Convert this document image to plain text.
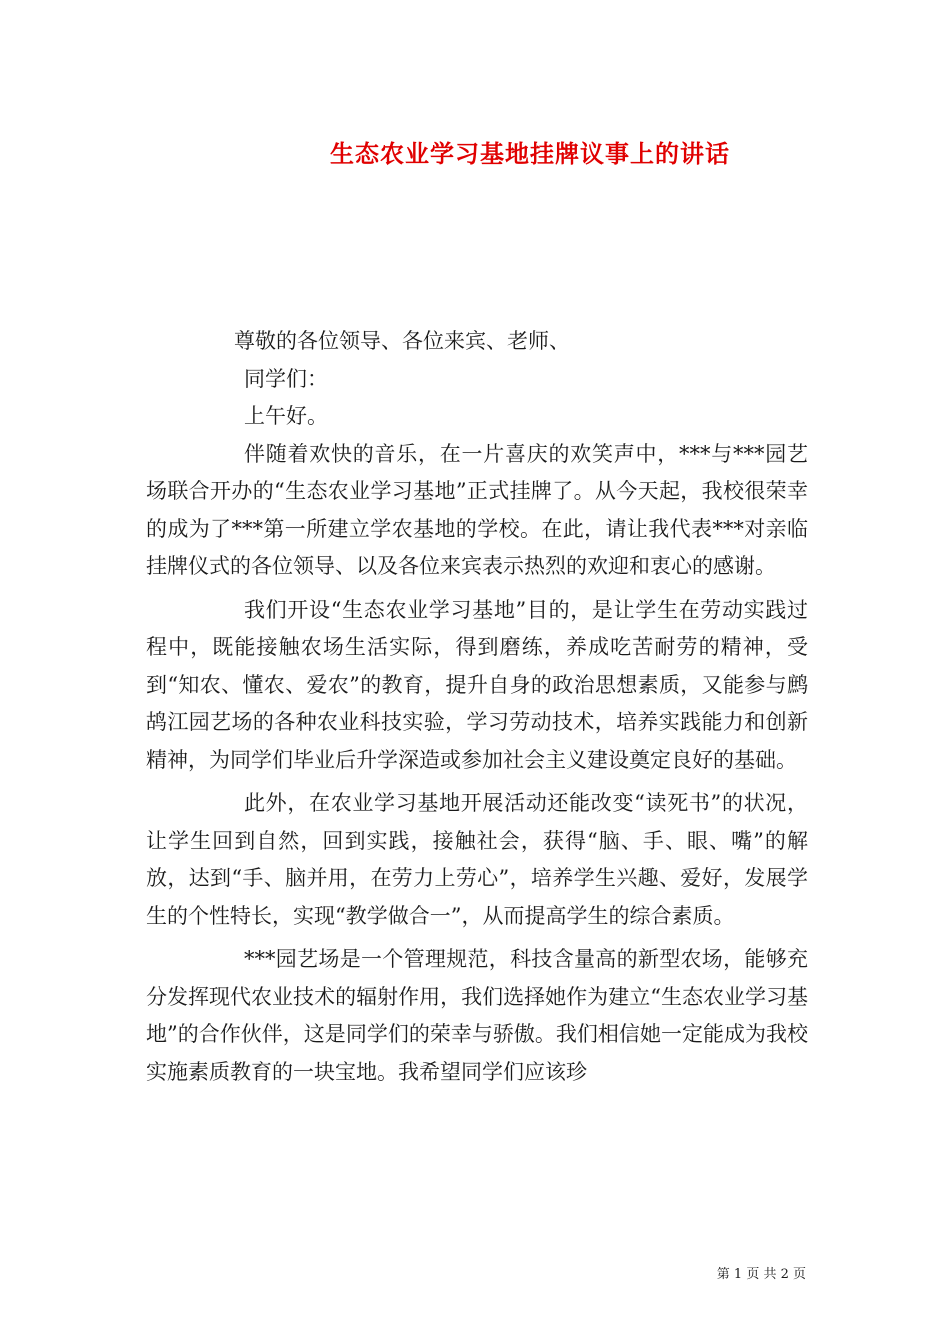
生态农业学习基地挂牌议事上的讲话

尊敬的各位领导、各位来宾、老师、

同学们：

上午好。

伴随着欢快的音乐，在一片喜庆的欢笑声中，***与***园艺场联合开办的“生态农业学习基地”正式挂牌了。从今天起，我校很荣幸的成为了***第一所建立学农基地的学校。在此，请让我代表***对亲临挂牌仪式的各位领导、以及各位来宾表示热烈的欢迎和衷心的感谢。

我们开设“生态农业学习基地”目的，是让学生在劳动实践过程中，既能接触农场生活实际，得到磨练，养成吃苦耐劳的精神，受到“知农、懂农、爱农”的教育，提升自身的政治思想素质，又能参与鹧鸪江园艺场的各种农业科技实验，学习劳动技术，培养实践能力和创新精神，为同学们毕业后升学深造或参加社会主义建设奠定良好的基础。

此外，在农业学习基地开展活动还能改变“读死书”的状况，让学生回到自然，回到实践，接触社会，获得“脑、手、眼、嘴”的解放，达到“手、脑并用，在劳力上劳心”，培养学生兴趣、爱好，发展学生的个性特长，实现“教学做合一”，从而提高学生的综合素质。

***园艺场是一个管理规范，科技含量高的新型农场，能够充分发挥现代农业技术的辐射作用，我们选择她作为建立“生态农业学习基地”的合作伙伴，这是同学们的荣幸与骄傲。我们相信她一定能成为我校实施素质教育的一块宝地。我希望同学们应该珍

第 1 页 共 2 页
